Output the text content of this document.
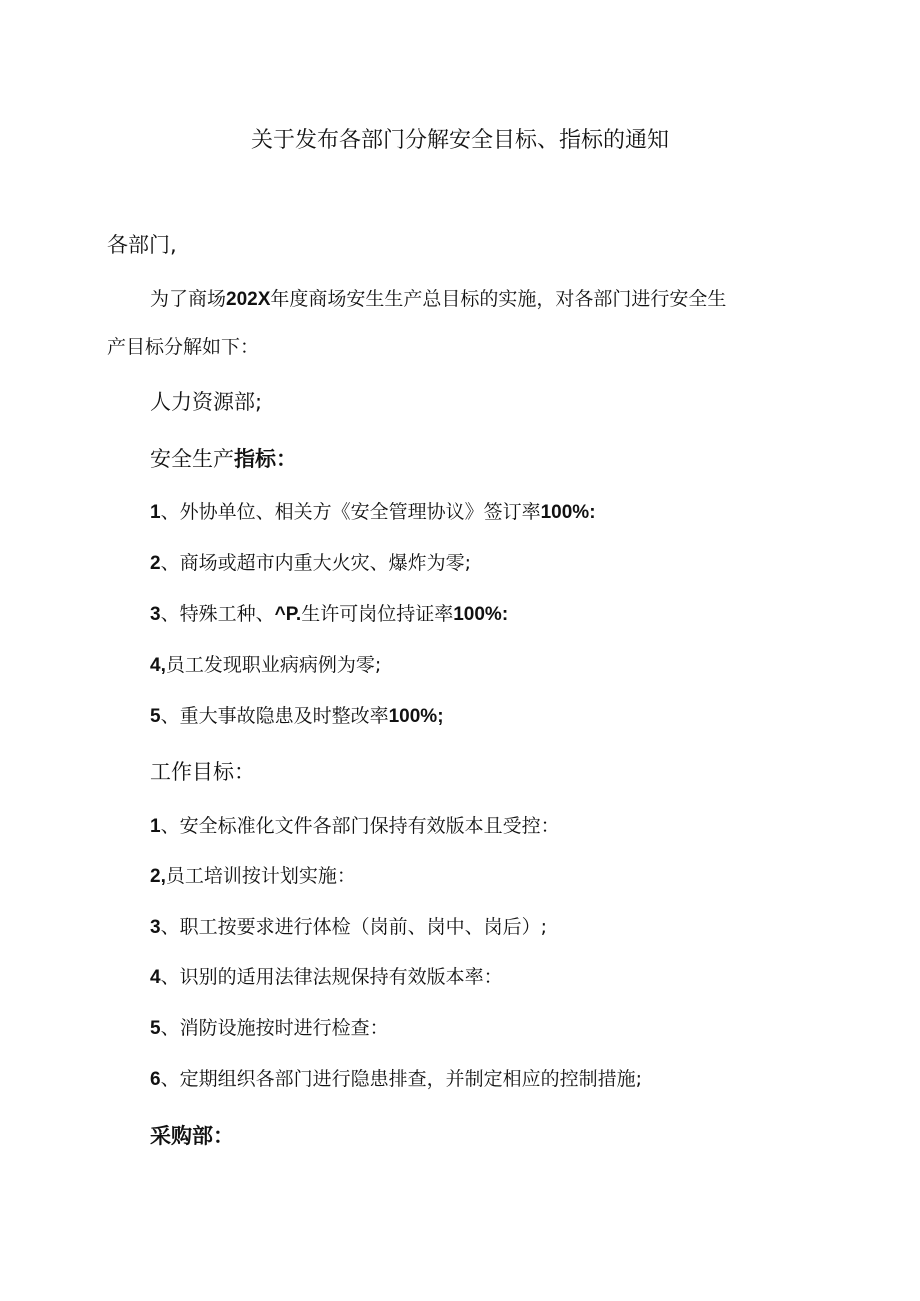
关于发布各部门分解安全目标、指标的通知
各部门,
为了商场202X年度商场安生生产总目标的实施，对各部门进行安全生
产目标分解如下：
人力资源部;
安全生产指标：
1、外协单位、相关方《安全管理协议》签订率100%:
2、商场或超市内重大火灾、爆炸为零;
3、特殊工种、^P.生许可岗位持证率100%:
4,员工发现职业病病例为零;
5、重大事故隐患及时整改率100%;
工作目标：
1、安全标准化文件各部门保持有效版本且受控：
2,员工培训按计划实施：
3、职工按要求进行体检（岗前、岗中、岗后）;
4、识别的适用法律法规保持有效版本率：
5、消防设施按时进行检查：
6、定期组织各部门进行隐患排查，并制定相应的控制措施;
采购部：
